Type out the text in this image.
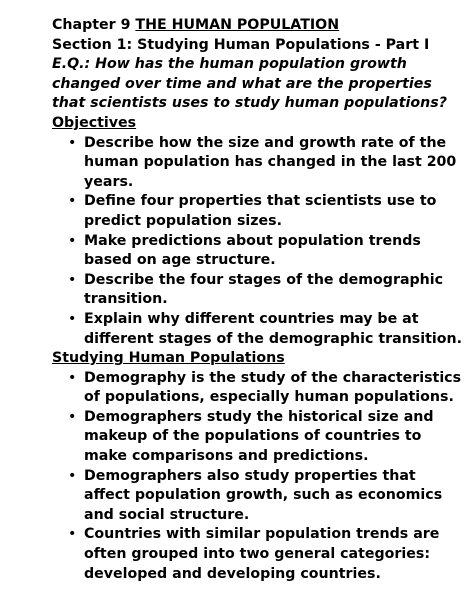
Chapter 9 THE HUMAN POPULATION
Section 1: Studying Human Populations - Part I
E.Q.: How has the human population growth
changed over time and what are the properties
that scientists uses to study human populations?
Objectives
• Describe how the size and growth rate of the human population has changed in the last 200 years.
• Define four properties that scientists use to predict population sizes.
• Make predictions about population trends based on age structure.
• Describe the four stages of the demographic transition.
• Explain why different countries may be at different stages of the demographic transition.
Studying Human Populations
• Demography is the study of the characteristics of populations, especially human populations.
• Demographers study the historical size and makeup of the populations of countries to make comparisons and predictions.
• Demographers also study properties that affect population growth, such as economics and social structure.
• Countries with similar population trends are often grouped into two general categories: developed and developing countries.
